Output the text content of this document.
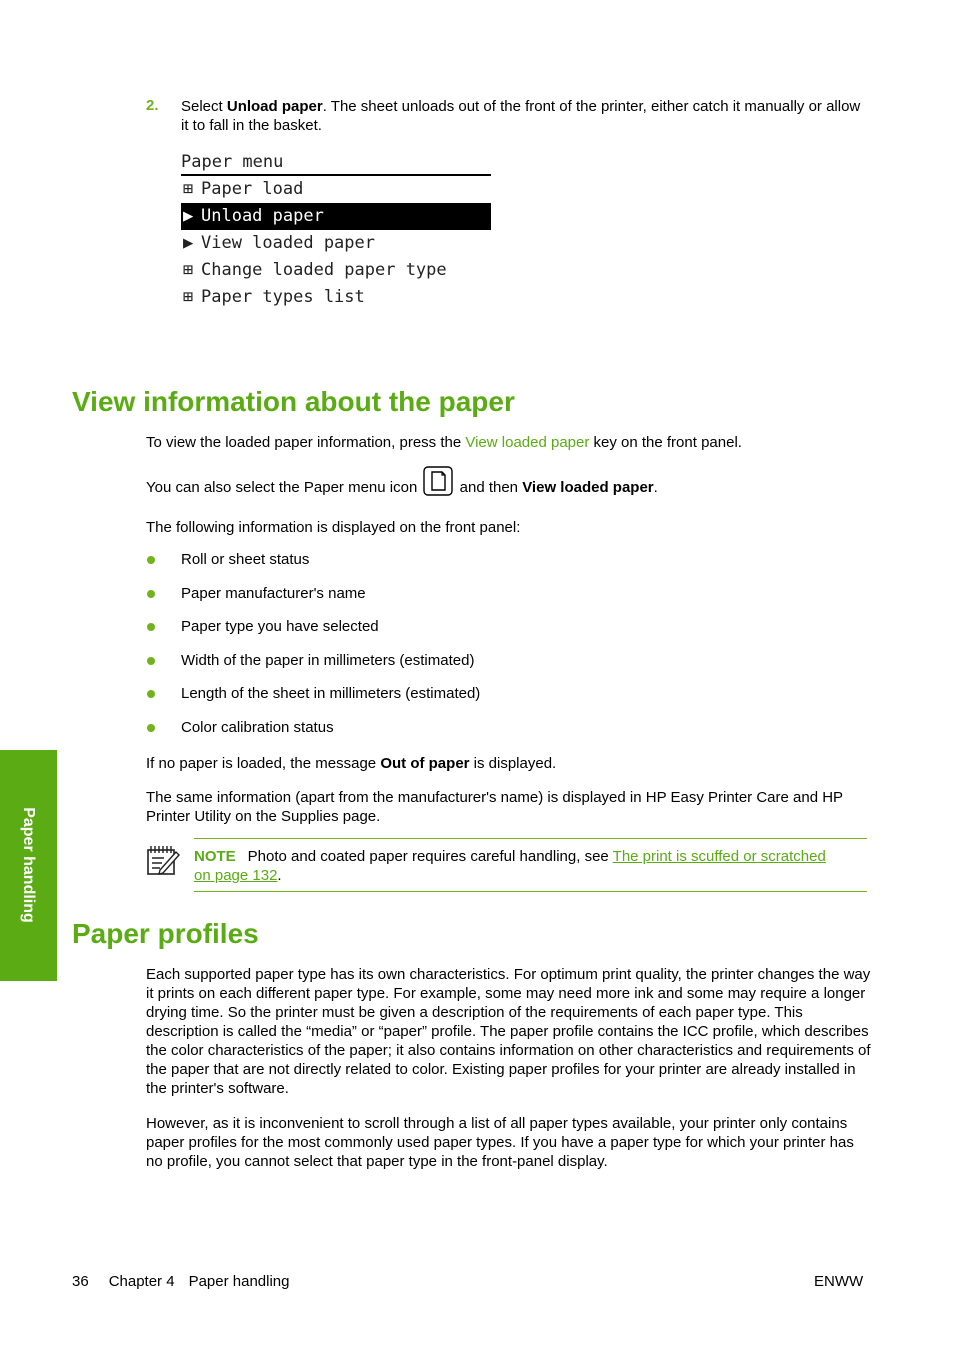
2. Select Unload paper. The sheet unloads out of the front of the printer, either catch it manually or allow it to fall in the basket.
Paper menu
⊞ Paper load
▶ Unload paper
▶ View loaded paper
⊞ Change loaded paper type
⊞ Paper types list
View information about the paper
To view the loaded paper information, press the View loaded paper key on the front panel.
You can also select the Paper menu icon  and then View loaded paper.
The following information is displayed on the front panel:
Roll or sheet status
Paper manufacturer's name
Paper type you have selected
Width of the paper in millimeters (estimated)
Length of the sheet in millimeters (estimated)
Color calibration status
If no paper is loaded, the message Out of paper is displayed.
The same information (apart from the manufacturer's name) is displayed in HP Easy Printer Care and HP Printer Utility on the Supplies page.
NOTE Photo and coated paper requires careful handling, see The print is scuffed or scratched on page 132.
Paper profiles
Each supported paper type has its own characteristics. For optimum print quality, the printer changes the way it prints on each different paper type. For example, some may need more ink and some may require a longer drying time. So the printer must be given a description of the requirements of each paper type. This description is called the “media” or “paper” profile. The paper profile contains the ICC profile, which describes the color characteristics of the paper; it also contains information on other characteristics and requirements of the paper that are not directly related to color. Existing paper profiles for your printer are already installed in the printer's software.
However, as it is inconvenient to scroll through a list of all paper types available, your printer only contains paper profiles for the most commonly used paper types. If you have a paper type for which your printer has no profile, you cannot select that paper type in the front-panel display.
Paper handling
36 Chapter 4 Paper handling	ENWW
